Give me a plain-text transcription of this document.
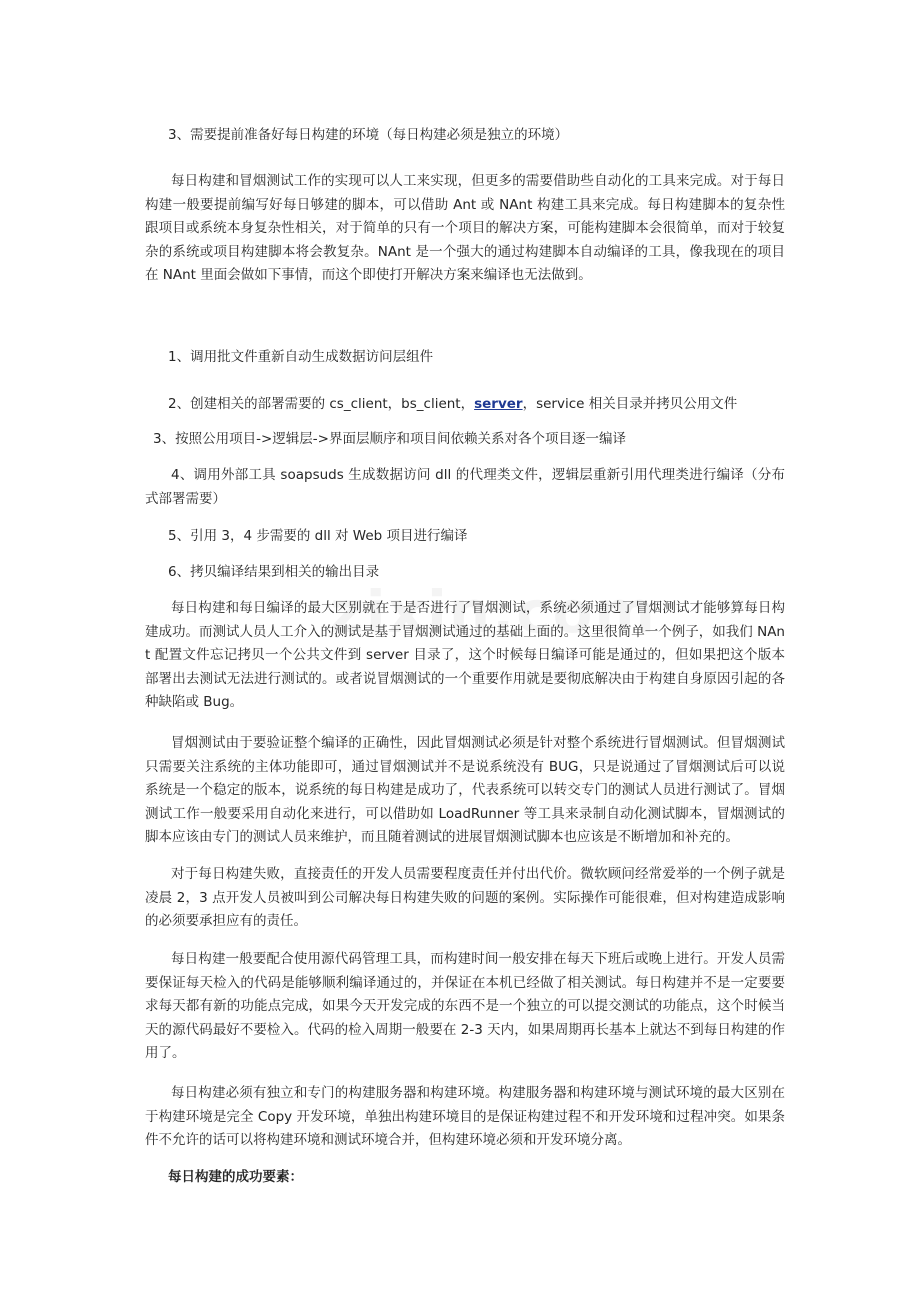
3、需要提前准备好每日构建的环境（每日构建必须是独立的环境）

每日构建和冒烟测试工作的实现可以人工来实现，但更多的需要借助些自动化的工具来完成。对于每日构建一般要提前编写好每日够建的脚本，可以借助 Ant 或 NAnt 构建工具来完成。每日构建脚本的复杂性跟项目或系统本身复杂性相关，对于简单的只有一个项目的解决方案，可能构建脚本会很简单，而对于较复杂的系统或项目构建脚本将会教复杂。NAnt 是一个强大的通过构建脚本自动编译的工具，像我现在的项目在 NAnt 里面会做如下事情，而这个即使打开解决方案来编译也无法做到。

1、调用批文件重新自动生成数据访问层组件

2、创建相关的部署需要的 cs_client，bs_client，server，service 相关目录并拷贝公用文件

3、按照公用项目->逻辑层->界面层顺序和项目间依赖关系对各个项目逐一编译

4、调用外部工具 soapsuds 生成数据访问 dll 的代理类文件，逻辑层重新引用代理类进行编译（分布式部署需要）

5、引用 3，4 步需要的 dll 对 Web 项目进行编译

6、拷贝编译结果到相关的输出目录

每日构建和每日编译的最大区别就在于是否进行了冒烟测试，系统必须通过了冒烟测试才能够算每日构建成功。而测试人员人工介入的测试是基于冒烟测试通过的基础上面的。这里很简单一个例子，如我们 NAnt 配置文件忘记拷贝一个公共文件到 server 目录了，这个时候每日编译可能是通过的，但如果把这个版本部署出去测试无法进行测试的。或者说冒烟测试的一个重要作用就是要彻底解决由于构建自身原因引起的各种缺陷或 Bug。

冒烟测试由于要验证整个编译的正确性，因此冒烟测试必须是针对整个系统进行冒烟测试。但冒烟测试只需要关注系统的主体功能即可，通过冒烟测试并不是说系统没有 BUG，只是说通过了冒烟测试后可以说系统是一个稳定的版本，说系统的每日构建是成功了，代表系统可以转交专门的测试人员进行测试了。冒烟测试工作一般要采用自动化来进行，可以借助如 LoadRunner 等工具来录制自动化测试脚本，冒烟测试的脚本应该由专门的测试人员来维护，而且随着测试的进展冒烟测试脚本也应该是不断增加和补充的。

对于每日构建失败，直接责任的开发人员需要程度责任并付出代价。微软顾问经常爱举的一个例子就是凌晨 2，3 点开发人员被叫到公司解决每日构建失败的问题的案例。实际操作可能很难，但对构建造成影响的必须要承担应有的责任。

每日构建一般要配合使用源代码管理工具，而构建时间一般安排在每天下班后或晚上进行。开发人员需要保证每天检入的代码是能够顺利编译通过的，并保证在本机已经做了相关测试。每日构建并不是一定要要求每天都有新的功能点完成，如果今天开发完成的东西不是一个独立的可以提交测试的功能点，这个时候当天的源代码最好不要检入。代码的检入周期一般要在 2-3 天内，如果周期再长基本上就达不到每日构建的作用了。

每日构建必须有独立和专门的构建服务器和构建环境。构建服务器和构建环境与测试环境的最大区别在于构建环境是完全 Copy 开发环境，单独出构建环境目的是保证构建过程不和开发环境和过程冲突。如果条件不允许的话可以将构建环境和测试环境合并，但构建环境必须和开发环境分离。

每日构建的成功要素：
